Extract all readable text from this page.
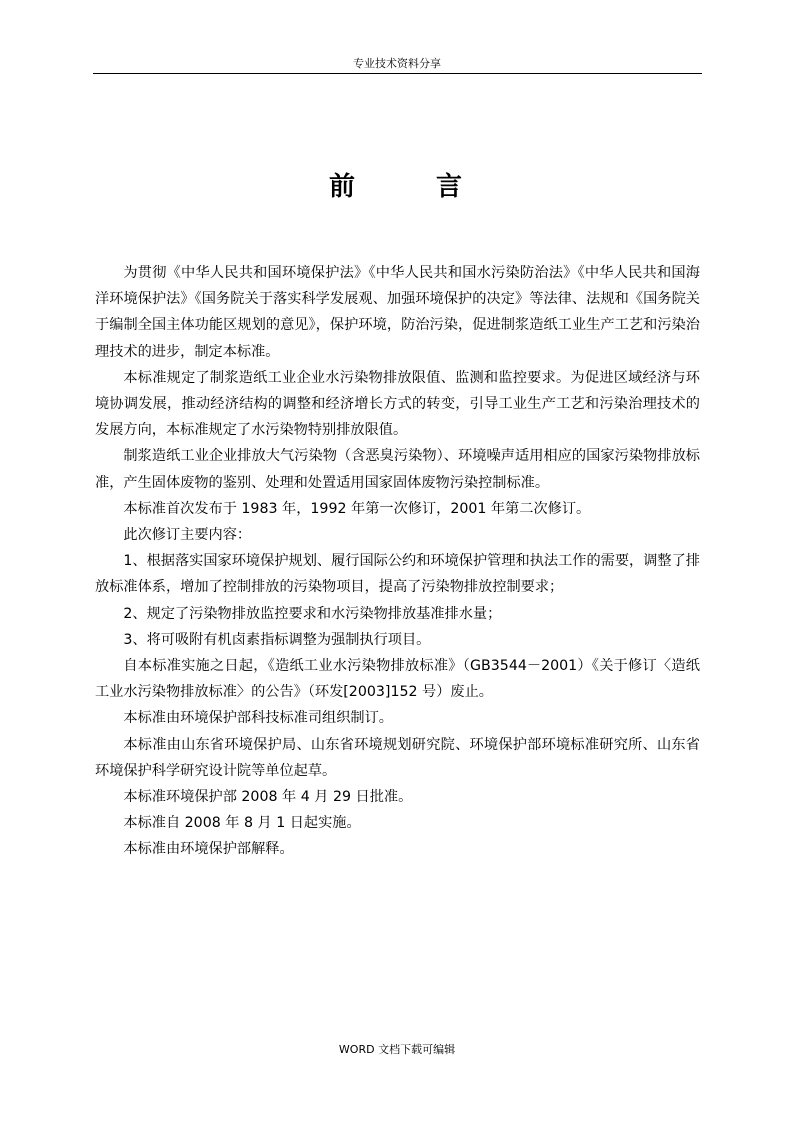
专业技术资料分享
前	言

为贯彻《中华人民共和国环境保护法》《中华人民共和国水污染防治法》《中华人民共和国海洋环境保护法》《国务院关于落实科学发展观、加强环境保护的决定》等法律、法规和《国务院关于编制全国主体功能区规划的意见》，保护环境，防治污染，促进制浆造纸工业生产工艺和污染治理技术的进步，制定本标准。

本标准规定了制浆造纸工业企业水污染物排放限值、监测和监控要求。为促进区域经济与环境协调发展，推动经济结构的调整和经济增长方式的转变，引导工业生产工艺和污染治理技术的发展方向，本标准规定了水污染物特别排放限值。

制浆造纸工业企业排放大气污染物（含恶臭污染物）、环境噪声适用相应的国家污染物排放标准，产生固体废物的鉴别、处理和处置适用国家固体废物污染控制标准。

本标准首次发布于 1983 年，1992 年第一次修订，2001 年第二次修订。

此次修订主要内容：

1、根据落实国家环境保护规划、履行国际公约和环境保护管理和执法工作的需要，调整了排放标准体系，增加了控制排放的污染物项目，提高了污染物排放控制要求；

2、规定了污染物排放监控要求和水污染物排放基准排水量；

3、将可吸附有机卤素指标调整为强制执行项目。

自本标准实施之日起，《造纸工业水污染物排放标准》（GB3544－2001）《关于修订〈造纸工业水污染物排放标准〉的公告》（环发[2003]152 号）废止。

本标准由环境保护部科技标准司组织制订。

本标准由山东省环境保护局、山东省环境规划研究院、环境保护部环境标准研究所、山东省环境保护科学研究设计院等单位起草。

本标准环境保护部 2008 年 4 月 29 日批准。

本标准自 2008 年 8 月 1 日起实施。

本标准由环境保护部解释。

WORD 文档下载可编辑
